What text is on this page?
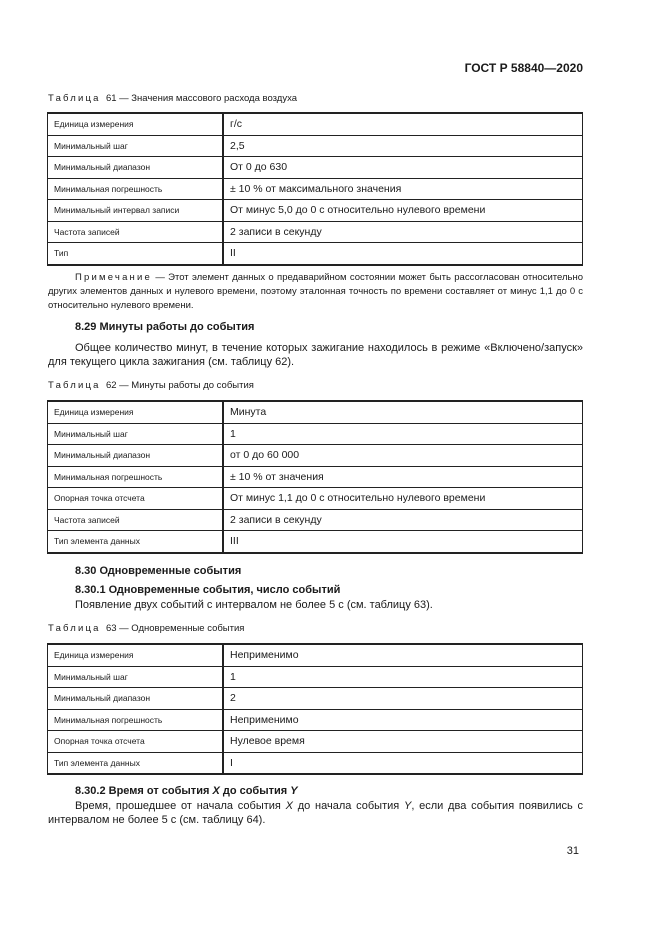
ГОСТ Р 58840—2020
Таблица 61 — Значения массового расхода воздуха
Единица измерения	г/с
Минимальный шаг	2,5
Минимальный диапазон	От 0 до 630
Минимальная погрешность	± 10 % от максимального значения
Минимальный интервал записи	От минус 5,0 до 0 с относительно нулевого времени
Частота записей	2 записи в секунду
Тип	II
Примечание — Этот элемент данных о предаварийном состоянии может быть рассогласован относительно других элементов данных и нулевого времени, поэтому эталонная точность по времени составляет от минус 1,1 до 0 с относительно нулевого времени.
8.29 Минуты работы до события
Общее количество минут, в течение которых зажигание находилось в режиме «Включено/запуск» для текущего цикла зажигания (см. таблицу 62).
Таблица 62 — Минуты работы до события
Единица измерения	Минута
Минимальный шаг	1
Минимальный диапазон	от 0 до 60 000
Минимальная погрешность	± 10 % от значения
Опорная точка отсчета	От минус 1,1 до 0 с относительно нулевого времени
Частота записей	2 записи в секунду
Тип элемента данных	III
8.30 Одновременные события
8.30.1 Одновременные события, число событий
Появление двух событий с интервалом не более 5 с (см. таблицу 63).
Таблица 63 — Одновременные события
Единица измерения	Неприменимо
Минимальный шаг	1
Минимальный диапазон	2
Минимальная погрешность	Неприменимо
Опорная точка отсчета	Нулевое время
Тип элемента данных	I
8.30.2 Время от события X до события Y
Время, прошедшее от начала события X до начала события Y, если два события появились с интервалом не более 5 с (см. таблицу 64).
31
